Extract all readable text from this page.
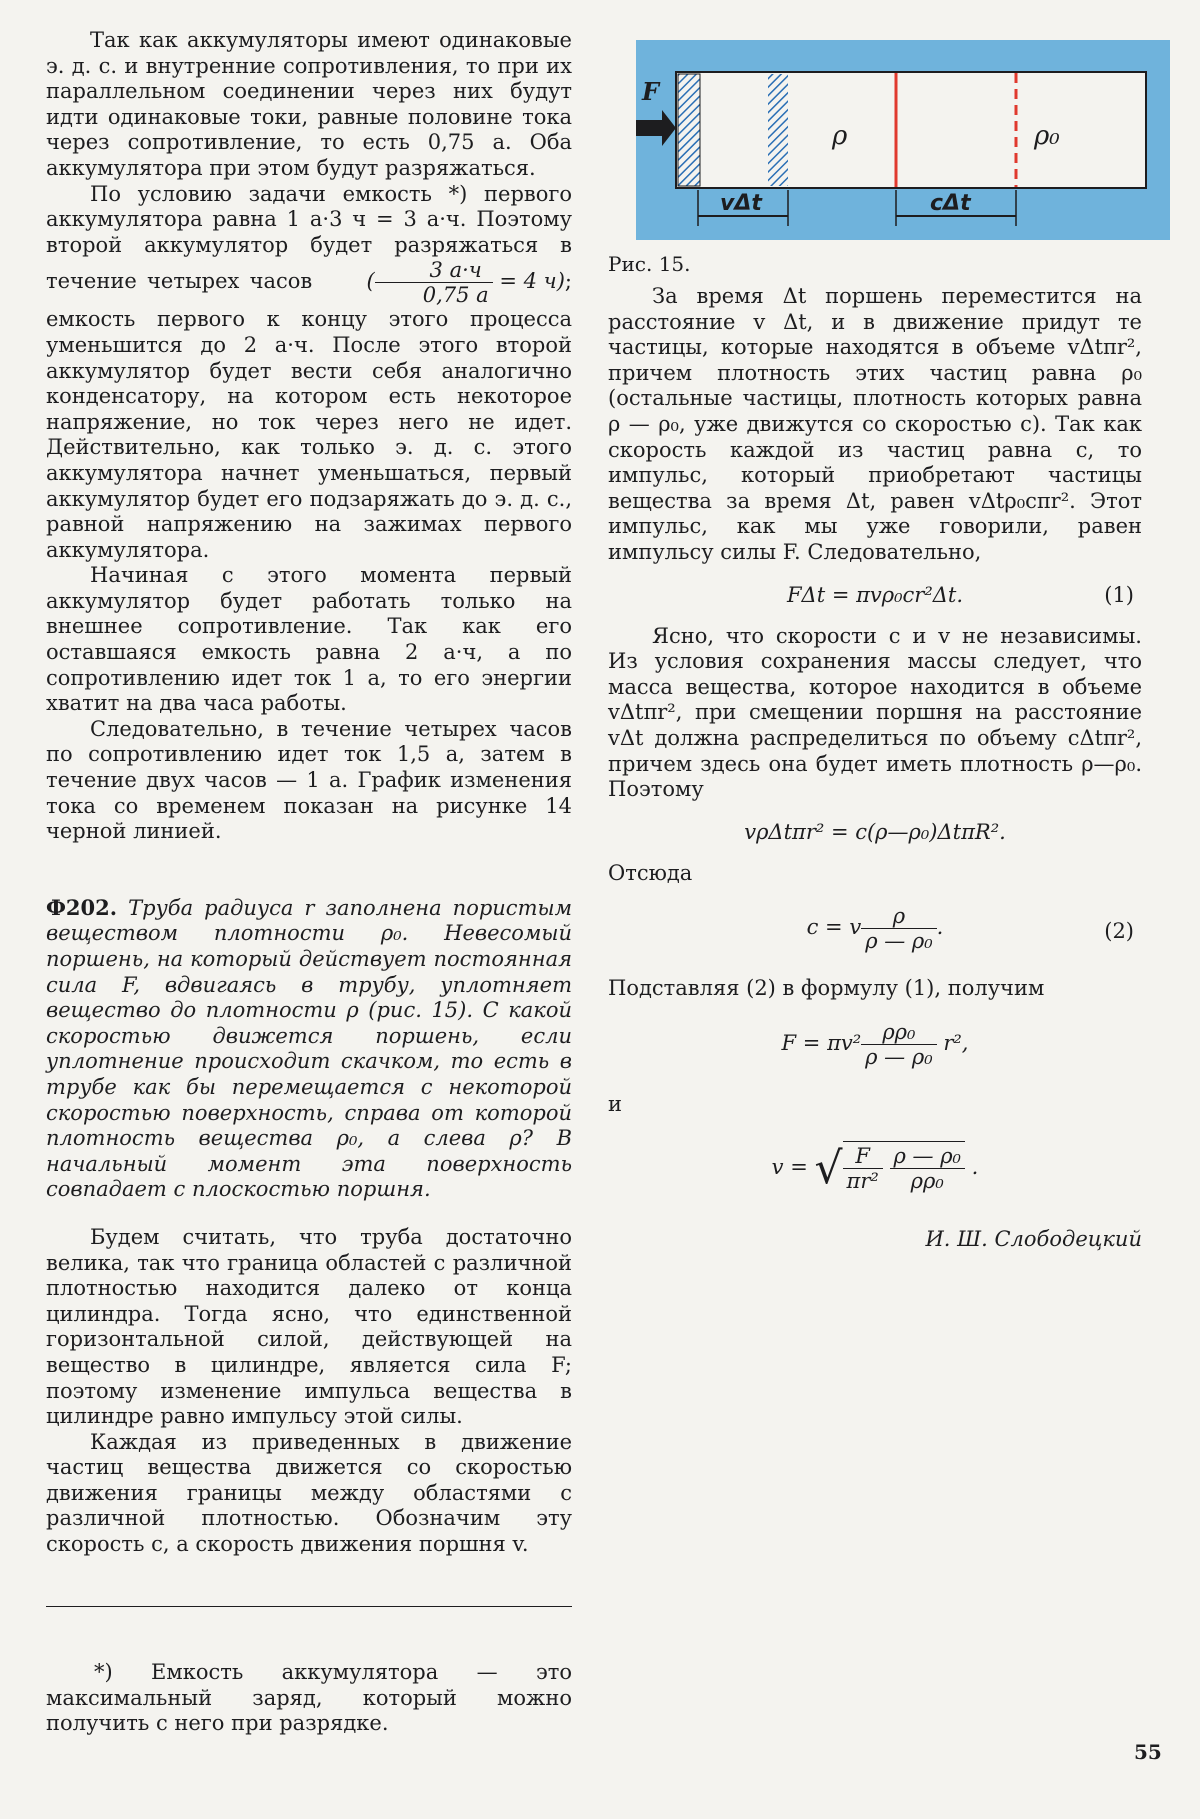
F
ρ	ρ₀
vΔt	cΔt

Так как аккумуляторы имеют одинаковые э. д. с. и внутренние сопротивления, то при их параллельном соединении через них будут идти одинаковые токи, равные половине тока через сопротивление, то есть 0,75 а. Оба аккумулятора при этом будут разряжаться.

По условию задачи емкость *) первого аккумулятора равна 1 а·3 ч = 3 а·ч. Поэтому второй аккумулятор будет разряжаться в течение четырех часов	( $\frac{3 а\cdot ч}{0,75 а} = 4$ ч); емкость первого к концу этого процесса уменьшится до 2 а·ч. После этого второй аккумулятор будет вести себя аналогично конденсатору, на котором есть некоторое напряжение, но ток через него не идет. Действительно, как только э. д. с. этого аккумулятора начнет уменьшаться, первый аккумулятор будет его подзаряжать до э. д. с., равной напряжению на зажимах первого аккумулятора.

Начиная с этого момента первый аккумулятор будет работать только на внешнее сопротивление. Так как его оставшаяся емкость равна 2 а·ч, а по сопротивлению идет ток 1 а, то его энергии хватит на два часа работы.

Следовательно, в течение четырех часов по сопротивлению идет ток 1,5 а, затем в течение двух часов — 1 а. График изменения тока со временем показан на рисунке 14 черной линией.

Ф202. Труба радиуса r заполнена пористым веществом плотности ρ₀. Невесомый поршень, на который действует постоянная сила F, вдвигаясь в трубу, уплотняет вещество до плотности ρ (рис. 15). С какой скоростью движется поршень, если уплотнение происходит скачком, то есть в трубе как бы перемещается с некоторой скоростью поверхность, справа от которой плотность вещества ρ₀, а слева ρ? В начальный момент эта поверхность совпадает с плоскостью поршня.

Будем считать, что труба достаточно велика, так что граница областей с различной плотностью находится далеко от конца цилиндра. Тогда ясно, что единственной горизонтальной силой, действующей на вещество в цилиндре, является сила F; поэтому изменение импульса вещества в цилиндре равно импульсу этой силы.

Каждая из приведенных в движение частиц вещества движется со скоростью движения границы между областями с различной плотностью. Обозначим эту скорость c, а скорость движения поршня v.

*) Емкость аккумулятора — это максимальный заряд, который можно получить с него при разрядке.

Рис. 15.

За время Δt поршень переместится на расстояние v Δt, и в движение придут те частицы, которые находятся в объеме vΔtπr², причем плотность этих частиц равна ρ₀ (остальные частицы, плотность которых равна ρ — ρ₀, уже движутся со скоростью c). Так как скорость каждой из частиц равна c, то импульс, который приобретают частицы вещества за время Δt, равен vΔtρ₀cπr². Этот импульс, как мы уже говорили, равен импульсу силы F. Следовательно,

FΔt = πvρ₀cr²Δt.	(1)

Ясно, что скорости c и v не независимы. Из условия сохранения массы следует, что масса вещества, которое находится в объеме vΔtπr², при смещении поршня на расстояние vΔt должна распределиться по объему cΔtπr², причем здесь она будет иметь плотность ρ—ρ₀. Поэтому

vρΔtπr² = c(ρ—ρ₀)ΔtπR².

Отсюда

c = v $\frac{\rho}{\text{ρ — ρ₀}}$ .	(2)

Подставляя (2) в формулу (1), получим

$F = \pi v^2 \frac{\text{ρρ₀}}{\text{ρ — ρ₀}} r^2$,

и

v = √ $\frac{F}{\text{πr²}}$
$\frac{\text{ρ — ρ₀}}{\text{ρρ₀}}$ .
И. Ш. Слободецкий
55
